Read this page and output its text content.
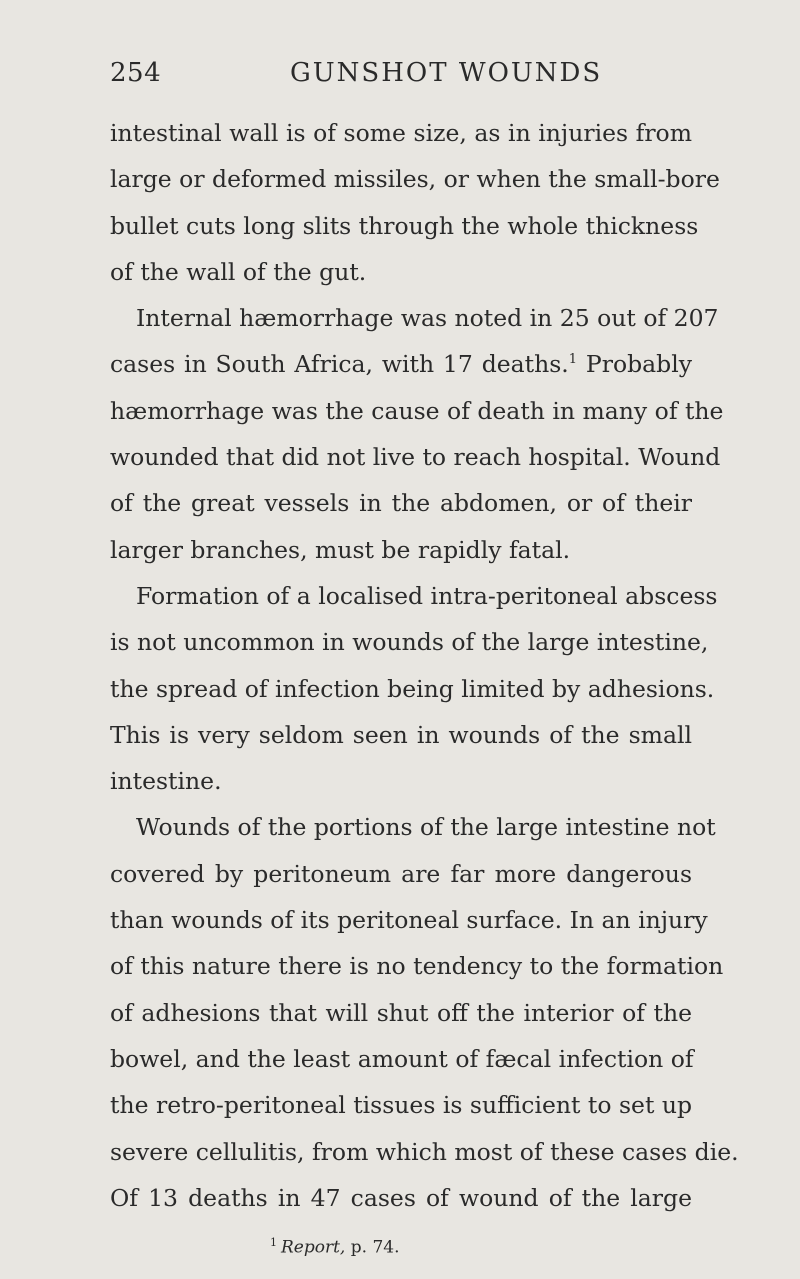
254	GUNSHOT WOUNDS
intestinal wall is of some size, as in injuries from
large or deformed missiles, or when the small-bore
bullet cuts long slits through the whole thickness
of the wall of the gut.
Internal hæmorrhage was noted in 25 out of 207
cases in South Africa, with 17 deaths.$^1$ Probably
hæmorrhage was the cause of death in many of the
wounded that did not live to reach hospital. Wound
of the great vessels in the abdomen, or of their
larger branches, must be rapidly fatal.
Formation of a localised intra-peritoneal abscess
is not uncommon in wounds of the large intestine,
the spread of infection being limited by adhesions.
This is very seldom seen in wounds of the small
intestine.
Wounds of the portions of the large intestine not
covered by peritoneum are far more dangerous
than wounds of its peritoneal surface. In an injury
of this nature there is no tendency to the formation
of adhesions that will shut off the interior of the
bowel, and the least amount of fæcal infection of
the retro-peritoneal tissues is sufficient to set up
severe cellulitis, from which most of these cases die.
Of 13 deaths in 47 cases of wound of the large
$^1$ Report, p. 74.
